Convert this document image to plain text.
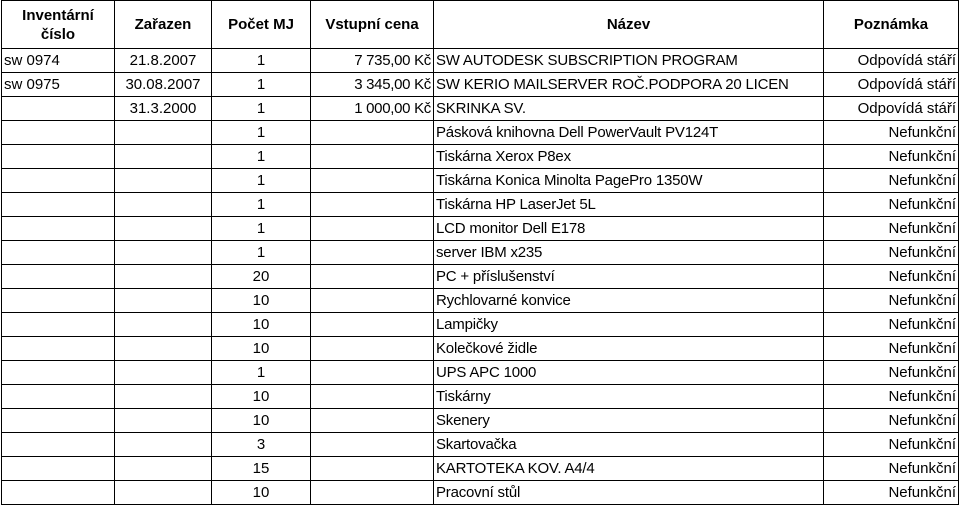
Inventární číslo	Zařazen	Počet MJ	Vstupní cena	Název	Poznámka
sw 0974	21.8.2007	1	7 735,00 Kč	SW AUTODESK SUBSCRIPTION PROGRAM	Odpovídá stáří
sw 0975	30.08.2007	1	3 345,00 Kč	SW KERIO MAILSERVER ROČ.PODPORA 20 LICEN	Odpovídá stáří
	31.3.2000	1	1 000,00 Kč	SKRINKA SV.	Odpovídá stáří
		1		Pásková knihovna Dell PowerVault PV124T	Nefunkční
		1		Tiskárna Xerox P8ex	Nefunkční
		1		Tiskárna Konica Minolta PagePro 1350W	Nefunkční
		1		Tiskárna HP LaserJet 5L	Nefunkční
		1		LCD monitor Dell E178	Nefunkční
		1		server IBM x235	Nefunkční
		20		PC + příslušenství	Nefunkční
		10		Rychlovarné konvice	Nefunkční
		10		Lampičky	Nefunkční
		10		Kolečkové židle	Nefunkční
		1		UPS APC 1000	Nefunkční
		10		Tiskárny	Nefunkční
		10		Skenery	Nefunkční
		3		Skartovačka	Nefunkční
		15		KARTOTEKA KOV. A4/4	Nefunkční
		10		Pracovní stůl	Nefunkční
